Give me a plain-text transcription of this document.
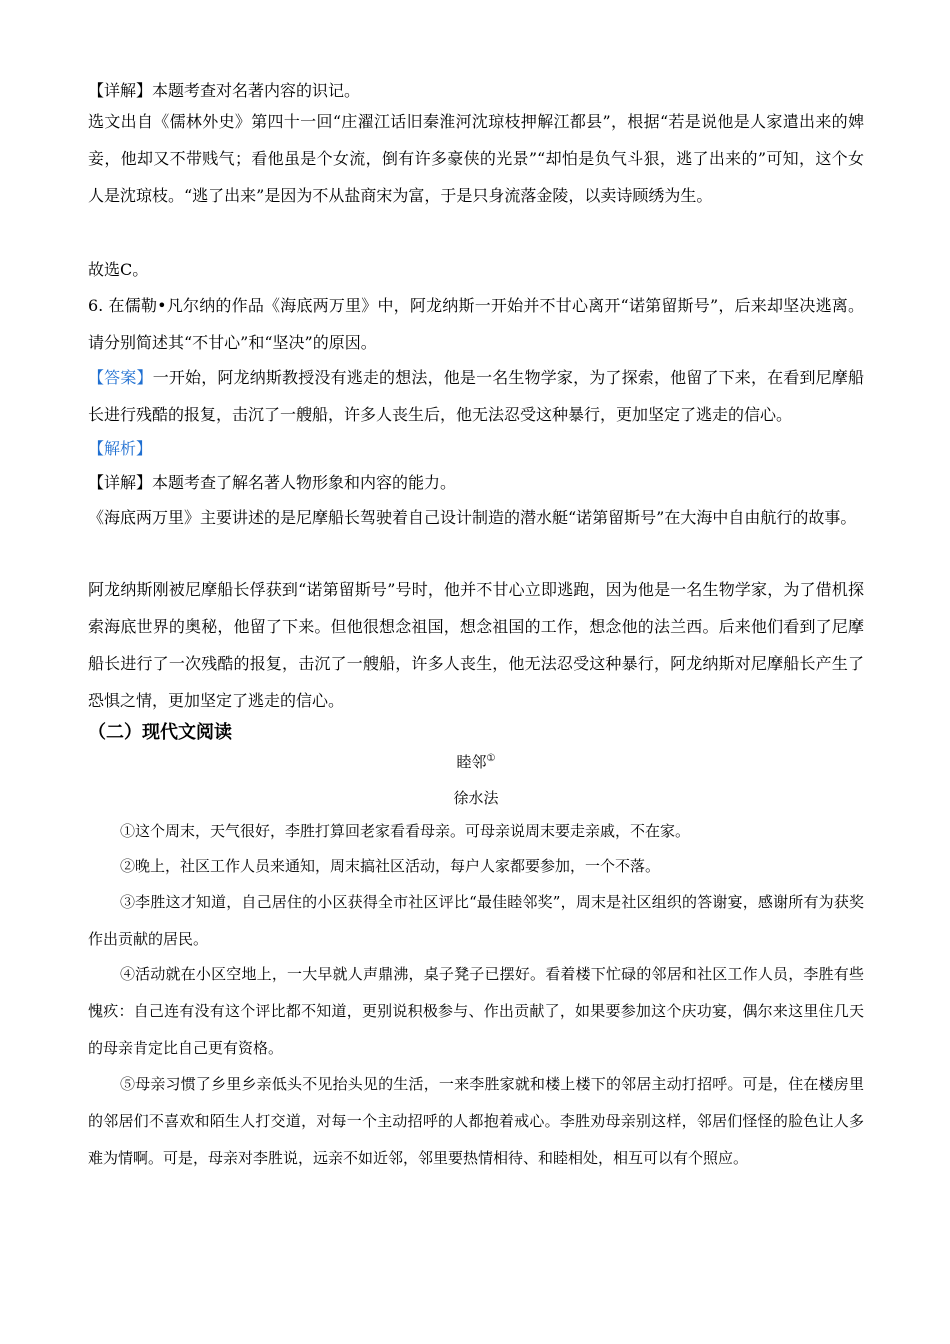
【详解】本题考查对名著内容的识记。

选文出自《儒林外史》第四十一回“庄濯江话旧秦淮河沈琼枝押解江都县”，根据“若是说他是人家遣出来的婢妾，他却又不带贱气；看他虽是个女流，倒有许多豪侠的光景”“却怕是负气斗狠，逃了出来的”可知，这个女人是沈琼枝。“逃了出来”是因为不从盐商宋为富，于是只身流落金陵，以卖诗顾绣为生。

故选C。

6. 在儒勒•凡尔纳的作品《海底两万里》中，阿龙纳斯一开始并不甘心离开“诺第留斯号”，后来却坚决逃离。请分别简述其“不甘心”和“坚决”的原因。

【答案】一开始，阿龙纳斯教授没有逃走的想法，他是一名生物学家，为了探索，他留了下来，在看到尼摩船长进行残酷的报复，击沉了一艘船，许多人丧生后，他无法忍受这种暴行，更加坚定了逃走的信心。

【解析】

【详解】本题考查了解名著人物形象和内容的能力。

《海底两万里》主要讲述的是尼摩船长驾驶着自己设计制造的潜水艇“诺第留斯号”在大海中自由航行的故事。

阿龙纳斯刚被尼摩船长俘获到“诺第留斯号”号时，他并不甘心立即逃跑，因为他是一名生物学家，为了借机探索海底世界的奥秘，他留了下来。但他很想念祖国，想念祖国的工作，想念他的法兰西。后来他们看到了尼摩船长进行了一次残酷的报复，击沉了一艘船，许多人丧生，他无法忍受这种暴行，阿龙纳斯对尼摩船长产生了恐惧之情，更加坚定了逃走的信心。

（二）现代文阅读

睦邻①

徐水法

①这个周末，天气很好，李胜打算回老家看看母亲。可母亲说周末要走亲戚，不在家。

②晚上，社区工作人员来通知，周末搞社区活动，每户人家都要参加，一个不落。

③李胜这才知道，自己居住的小区获得全市社区评比“最佳睦邻奖”，周末是社区组织的答谢宴，感谢所有为获奖作出贡献的居民。

④活动就在小区空地上，一大早就人声鼎沸，桌子凳子已摆好。看着楼下忙碌的邻居和社区工作人员，李胜有些愧疚：自己连有没有这个评比都不知道，更别说积极参与、作出贡献了，如果要参加这个庆功宴，偶尔来这里住几天的母亲肯定比自己更有资格。

⑤母亲习惯了乡里乡亲低头不见抬头见的生活，一来李胜家就和楼上楼下的邻居主动打招呼。可是，住在楼房里的邻居们不喜欢和陌生人打交道，对每一个主动招呼的人都抱着戒心。李胜劝母亲别这样，邻居们怪怪的脸色让人多难为情啊。可是，母亲对李胜说，远亲不如近邻，邻里要热情相待、和睦相处，相互可以有个照应。
